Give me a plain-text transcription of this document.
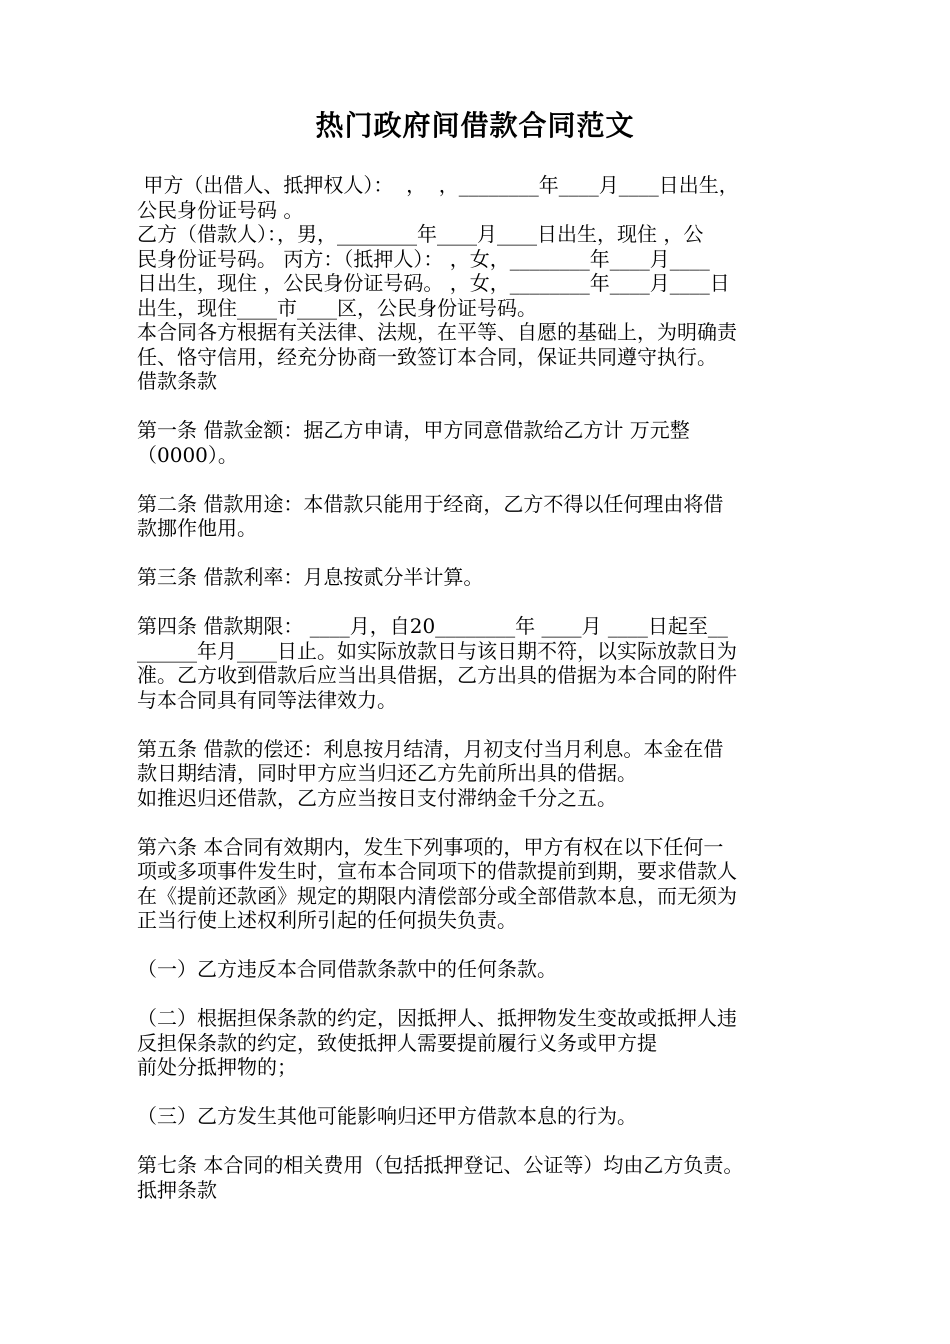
热门政府间借款合同范文
甲方（出借人、抵押权人）：  ，  ，________年____月____日出生，
公民身份证号码 。
乙方（借款人）：，男，________年____月____日出生，现住 ，公
民身份证号码。 丙方：（抵押人）： ，女，________年____月____
日出生，现住 ，公民身份证号码。 ，女，________年____月____日
出生，现住____市____区，公民身份证号码。
本合同各方根据有关法律、法规，在平等、自愿的基础上，为明确责
任、恪守信用，经充分协商一致签订本合同，保证共同遵守执行。
借款条款
第一条 借款金额：据乙方申请，甲方同意借款给乙方计 万元整
（0000）。
第二条 借款用途：本借款只能用于经商，乙方不得以任何理由将借
款挪作他用。
第三条 借款利率：月息按贰分半计算。
第四条 借款期限： ____月，自20________年 ____月 ____日起至__
______年月____日止。如实际放款日与该日期不符，以实际放款日为
准。乙方收到借款后应当出具借据，乙方出具的借据为本合同的附件
与本合同具有同等法律效力。
第五条 借款的偿还：利息按月结清，月初支付当月利息。本金在借
款日期结清，同时甲方应当归还乙方先前所出具的借据。
如推迟归还借款，乙方应当按日支付滞纳金千分之五。
第六条 本合同有效期内，发生下列事项的，甲方有权在以下任何一
项或多项事件发生时，宣布本合同项下的借款提前到期，要求借款人
在《提前还款函》规定的期限内清偿部分或全部借款本息，而无须为
正当行使上述权利所引起的任何损失负责。
（一）乙方违反本合同借款条款中的任何条款。
（二）根据担保条款的约定，因抵押人、抵押物发生变故或抵押人违
反担保条款的约定，致使抵押人需要提前履行义务或甲方提
前处分抵押物的；
（三）乙方发生其他可能影响归还甲方借款本息的行为。
第七条 本合同的相关费用（包括抵押登记、公证等）均由乙方负责。
抵押条款
